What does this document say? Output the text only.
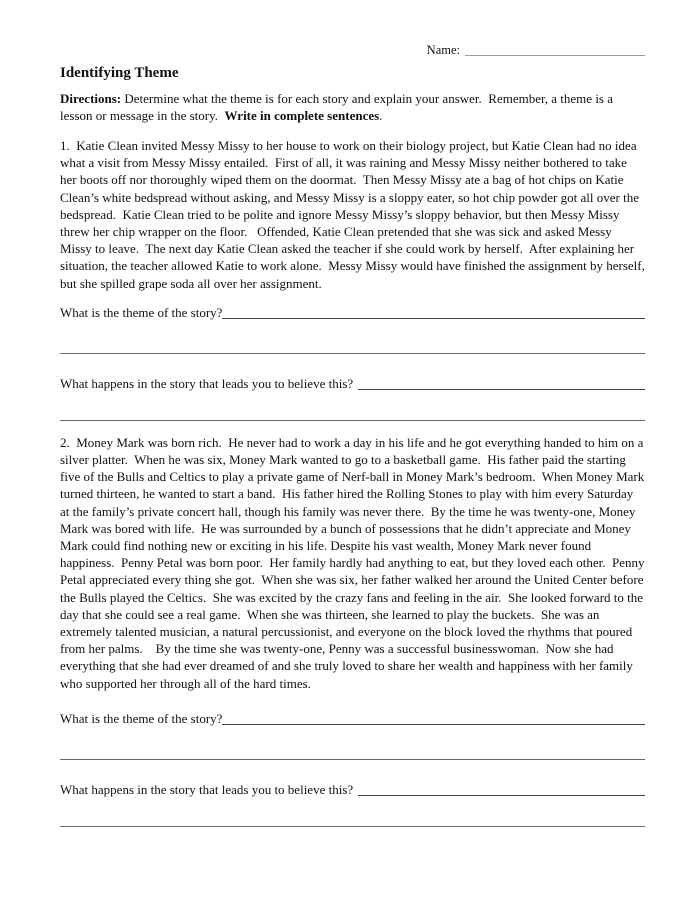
Name:
Identifying Theme

Directions: Determine what the theme is for each story and explain your answer.  Remember, a theme is a lesson or message in the story.  Write in complete sentences.

1.  Katie Clean invited Messy Missy to her house to work on their biology project, but Katie Clean had no idea what a visit from Messy Missy entailed.  First of all, it was raining and Messy Missy neither bothered to take her boots off nor thoroughly wiped them on the doormat.  Then Messy Missy ate a bag of hot chips on Katie Clean’s white bedspread without asking, and Messy Missy is a sloppy eater, so hot chip powder got all over the bedspread.  Katie Clean tried to be polite and ignore Messy Missy’s sloppy behavior, but then Messy Missy threw her chip wrapper on the floor.   Offended, Katie Clean pretended that she was sick and asked Messy Missy to leave.  The next day Katie Clean asked the teacher if she could work by herself.  After explaining her situation, the teacher allowed Katie to work alone.  Messy Missy would have finished the assignment by herself, but she spilled grape soda all over her assignment.

What is the theme of the story?
What happens in the story that leads you to believe this?

2.  Money Mark was born rich.  He never had to work a day in his life and he got everything handed to him on a silver platter.  When he was six, Money Mark wanted to go to a basketball game.  His father paid the starting five of the Bulls and Celtics to play a private game of Nerf-ball in Money Mark’s bedroom.  When Money Mark turned thirteen, he wanted to start a band.  His father hired the Rolling Stones to play with him every Saturday at the family’s private concert hall, though his family was never there.  By the time he was twenty-one, Money Mark was bored with life.  He was surrounded by a bunch of possessions that he didn’t appreciate and Money Mark could find nothing new or exciting in his life. Despite his vast wealth, Money Mark never found happiness.  Penny Petal was born poor.  Her family hardly had anything to eat, but they loved each other.  Penny Petal appreciated every thing she got.  When she was six, her father walked her around the United Center before the Bulls played the Celtics.  She was excited by the crazy fans and feeling in the air.  She looked forward to the day that she could see a real game.  When she was thirteen, she learned to play the buckets.  She was an extremely talented musician, a natural percussionist, and everyone on the block loved the rhythms that poured from her palms.    By the time she was twenty-one, Penny was a successful businesswoman.  Now she had everything that she had ever dreamed of and she truly loved to share her wealth and happiness with her family who supported her through all of the hard times.

What is the theme of the story?
What happens in the story that leads you to believe this?
